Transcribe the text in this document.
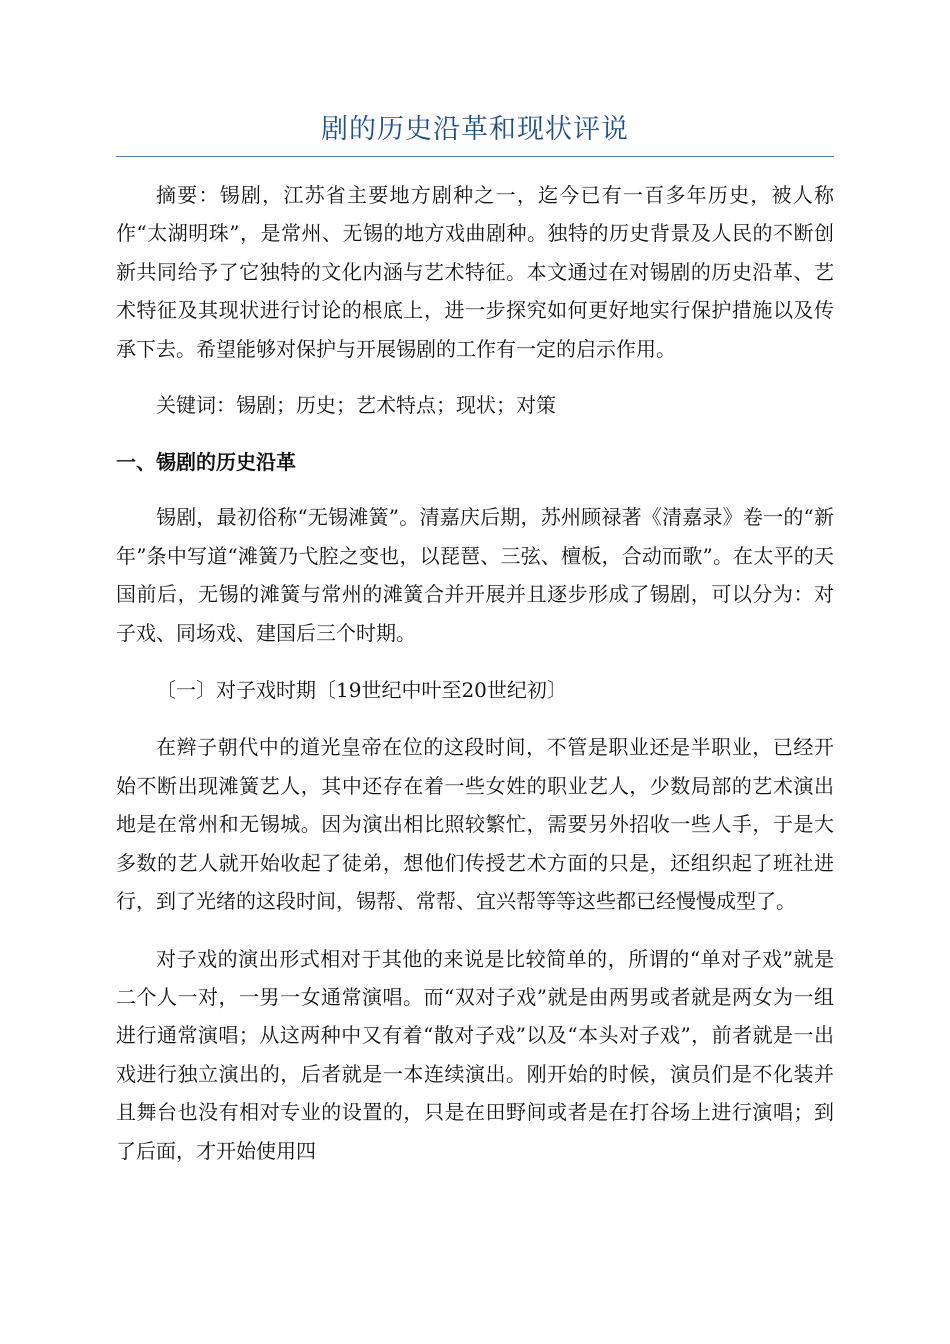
剧的历史沿革和现状评说

摘要：锡剧，江苏省主要地方剧种之一，迄今已有一百多年历史，被人称作“太湖明珠”，是常州、无锡的地方戏曲剧种。独特的历史背景及人民的不断创新共同给予了它独特的文化内涵与艺术特征。本文通过在对锡剧的历史沿革、艺术特征及其现状进行讨论的根底上，进一步探究如何更好地实行保护措施以及传承下去。希望能够对保护与开展锡剧的工作有一定的启示作用。

关键词：锡剧；历史；艺术特点；现状；对策

一、锡剧的历史沿革

锡剧，最初俗称“无锡滩簧”。清嘉庆后期，苏州顾禄著《清嘉录》卷一的“新年”条中写道“滩簧乃弋腔之变也，以琵琶、三弦、檀板，合动而歌”。在太平的天国前后，无锡的滩簧与常州的滩簧合并开展并且逐步形成了锡剧，可以分为：对子戏、同场戏、建国后三个时期。

〔一〕对子戏时期〔19世纪中叶至20世纪初〕

在辫子朝代中的道光皇帝在位的这段时间，不管是职业还是半职业，已经开始不断出现滩簧艺人，其中还存在着一些女姓的职业艺人，少数局部的艺术演出地是在常州和无锡城。因为演出相比照较繁忙，需要另外招收一些人手，于是大多数的艺人就开始收起了徒弟，想他们传授艺术方面的只是，还组织起了班社进行，到了光绪的这段时间，锡帮、常帮、宜兴帮等等这些都已经慢慢成型了。

对子戏的演出形式相对于其他的来说是比较简单的，所谓的“单对子戏”就是二个人一对，一男一女通常演唱。而“双对子戏”就是由两男或者就是两女为一组进行通常演唱；从这两种中又有着“散对子戏”以及“本头对子戏”，前者就是一出戏进行独立演出的，后者就是一本连续演出。刚开始的时候，演员们是不化装并且舞台也没有相对专业的设置的，只是在田野间或者是在打谷场上进行演唱；到了后面，才开始使用四
